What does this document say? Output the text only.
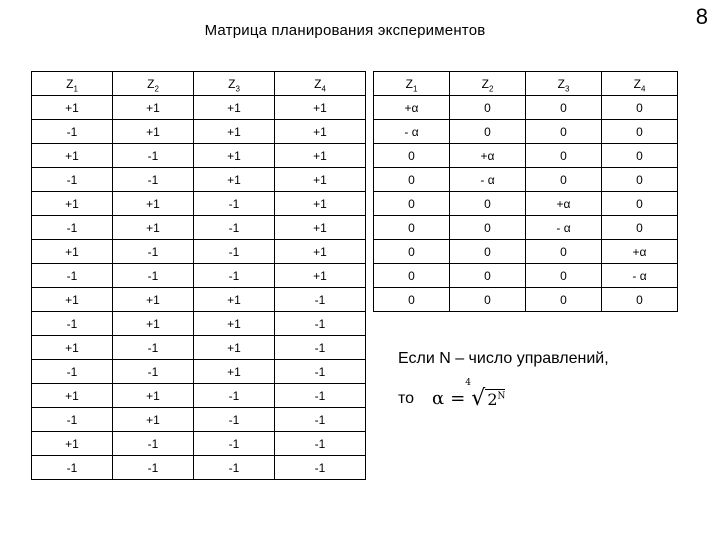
8
Матрица планирования экспериментов
$Z_1$	$Z_2$	$Z_3$	$Z_4$
+1	+1	+1	+1
-1	+1	+1	+1
+1	-1	+1	+1
-1	-1	+1	+1
+1	+1	-1	+1
-1	+1	-1	+1
+1	-1	-1	+1
-1	-1	-1	+1
+1	+1	+1	-1
-1	+1	+1	-1
+1	-1	+1	-1
-1	-1	+1	-1
+1	+1	-1	-1
-1	+1	-1	-1
+1	-1	-1	-1
-1	-1	-1	-1
$Z_1$	$Z_2$	$Z_3$	$Z_4$
+α	0	0	0
- α	0	0	0
0	+α	0	0
0	- α	0	0
0	0	+α	0
0	0	- α	0
0	0	0	+α
0	0	0	- α
0	0	0	0
Если N – число управлений,
то α =
4
√ $2^N$
